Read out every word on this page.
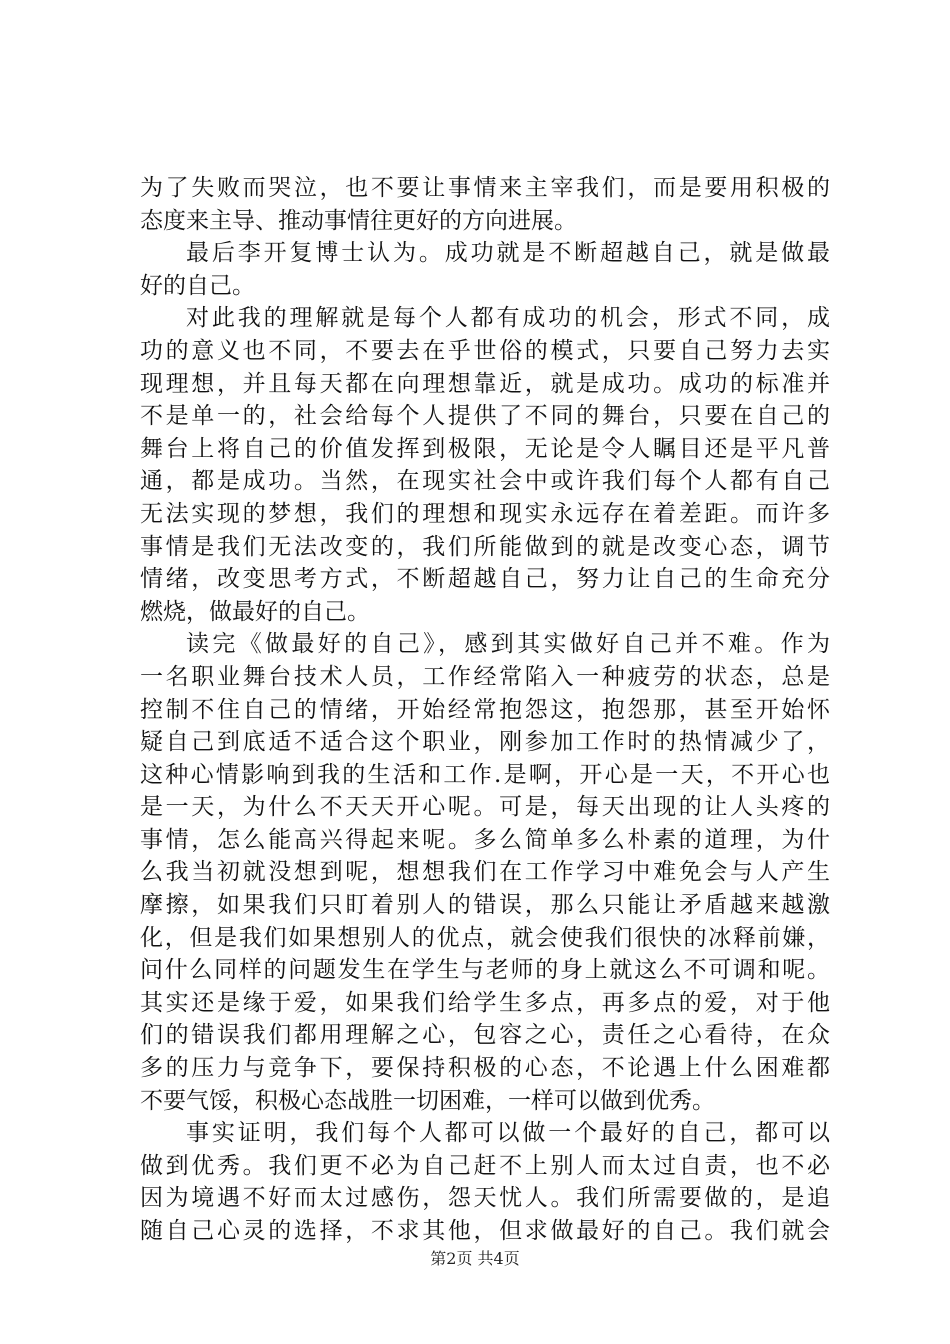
为了失败而哭泣，也不要让事情来主宰我们，而是要用积极的
态度来主导、推动事情往更好的方向进展。
最后李开复博士认为。成功就是不断超越自己，就是做最
好的自己。
对此我的理解就是每个人都有成功的机会，形式不同，成
功的意义也不同，不要去在乎世俗的模式，只要自己努力去实
现理想，并且每天都在向理想靠近，就是成功。成功的标准并
不是单一的，社会给每个人提供了不同的舞台，只要在自己的
舞台上将自己的价值发挥到极限，无论是令人瞩目还是平凡普
通，都是成功。当然，在现实社会中或许我们每个人都有自己
无法实现的梦想，我们的理想和现实永远存在着差距。而许多
事情是我们无法改变的，我们所能做到的就是改变心态，调节
情绪，改变思考方式，不断超越自己，努力让自己的生命充分
燃烧，做最好的自己。
读完《做最好的自己》，感到其实做好自己并不难。作为
一名职业舞台技术人员，工作经常陷入一种疲劳的状态，总是
控制不住自己的情绪，开始经常抱怨这，抱怨那，甚至开始怀
疑自己到底适不适合这个职业，刚参加工作时的热情减少了，
这种心情影响到我的生活和工作.是啊，开心是一天，不开心也
是一天，为什么不天天开心呢。可是，每天出现的让人头疼的
事情，怎么能高兴得起来呢。多么简单多么朴素的道理，为什
么我当初就没想到呢，想想我们在工作学习中难免会与人产生
摩擦，如果我们只盯着别人的错误，那么只能让矛盾越来越激
化，但是我们如果想别人的优点，就会使我们很快的冰释前嫌，
问什么同样的问题发生在学生与老师的身上就这么不可调和呢。
其实还是缘于爱，如果我们给学生多点，再多点的爱，对于他
们的错误我们都用理解之心，包容之心，责任之心看待，在众
多的压力与竞争下，要保持积极的心态，不论遇上什么困难都
不要气馁，积极心态战胜一切困难，一样可以做到优秀。
事实证明，我们每个人都可以做一个最好的自己，都可以
做到优秀。我们更不必为自己赶不上别人而太过自责，也不必
因为境遇不好而太过感伤，怨天忧人。我们所需要做的，是追
随自己心灵的选择，不求其他，但求做最好的自己。我们就会
第2页 共4页
